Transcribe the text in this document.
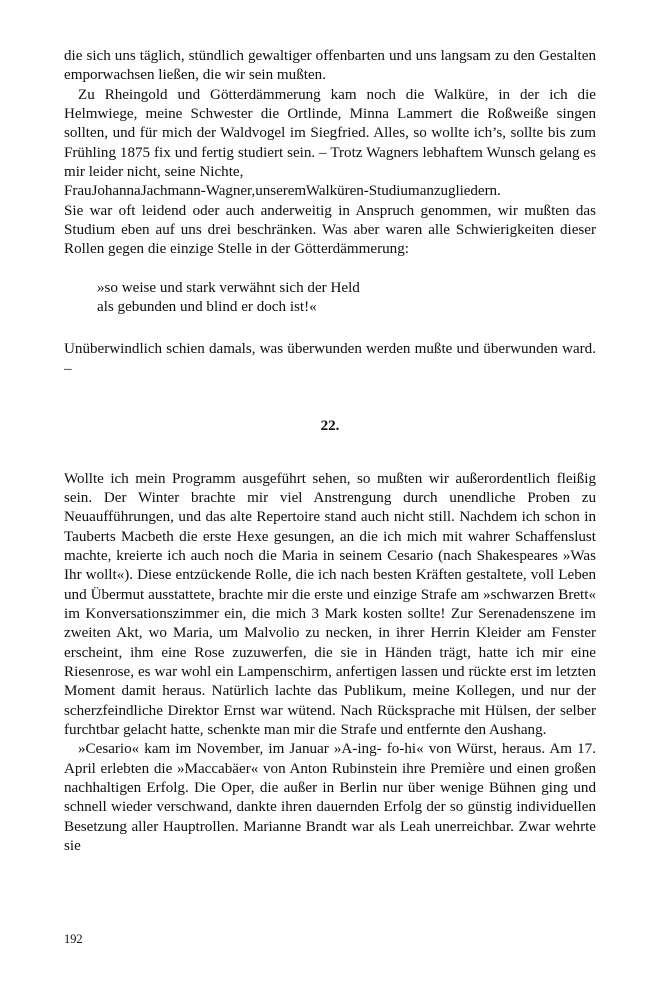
die sich uns täglich, stündlich gewaltiger offenbarten und uns langsam zu den Gestalten emporwachsen ließen, die wir sein mußten.

Zu Rheingold und Götterdämmerung kam noch die Walküre, in der ich die Helmwiege, meine Schwester die Ortlinde, Minna Lammert die Roßweiße singen sollten, und für mich der Waldvogel im Siegfried. Alles, so wollte ich’s, sollte bis zum Frühling 1875 fix und fertig studiert sein. – Trotz Wagners lebhaftem Wunsch gelang es mir leider nicht, seine Nichte,

Frau Johanna Jachmann-Wagner, unserem Walküren-Studium anzugliedern.

Sie war oft leidend oder auch anderweitig in Anspruch genommen, wir mußten das Studium eben auf uns drei beschränken. Was aber waren alle Schwierigkeiten dieser Rollen gegen die einzige Stelle in der Götterdämmerung:

»so weise und stark verwähnt sich der Held

als gebunden und blind er doch ist!«

Unüberwindlich schien damals, was überwunden werden mußte und überwunden ward. –

22.

Wollte ich mein Programm ausgeführt sehen, so mußten wir außerordentlich fleißig sein. Der Winter brachte mir viel Anstrengung durch unendliche Proben zu Neuaufführungen, und das alte Repertoire stand auch nicht still. Nachdem ich schon in Tauberts Macbeth die erste Hexe gesungen, an die ich mich mit wahrer Schaffenslust machte, kreierte ich auch noch die Maria in seinem Cesario (nach Shakespeares »Was Ihr wollt«). Diese entzückende Rolle, die ich nach besten Kräften gestaltete, voll Leben und Übermut ausstattete, brachte mir die erste und einzige Strafe am »schwarzen Brett« im Konversationszimmer ein, die mich 3 Mark kosten sollte! Zur Serenadenszene im zweiten Akt, wo Maria, um Malvolio zu necken, in ihrer Herrin Kleider am Fenster erscheint, ihm eine Rose zuzuwerfen, die sie in Händen trägt, hatte ich mir eine Riesenrose, es war wohl ein Lampenschirm, anfertigen lassen und rückte erst im letzten Moment damit heraus. Natürlich lachte das Publikum, meine Kollegen, und nur der scherzfeindliche Direktor Ernst war wütend. Nach Rücksprache mit Hülsen, der selber furchtbar gelacht hatte, schenkte man mir die Strafe und entfernte den Aushang.

»Cesario« kam im November, im Januar »A-ing- fo-hi« von Würst, heraus. Am 17. April erlebten die »Maccabäer« von Anton Rubinstein ihre Première und einen großen nachhaltigen Erfolg. Die Oper, die außer in Berlin nur über wenige Bühnen ging und schnell wieder verschwand, dankte ihren dauernden Erfolg der so günstig individuellen Besetzung aller Hauptrollen. Marianne Brandt war als Leah unerreichbar. Zwar wehrte sie

192
